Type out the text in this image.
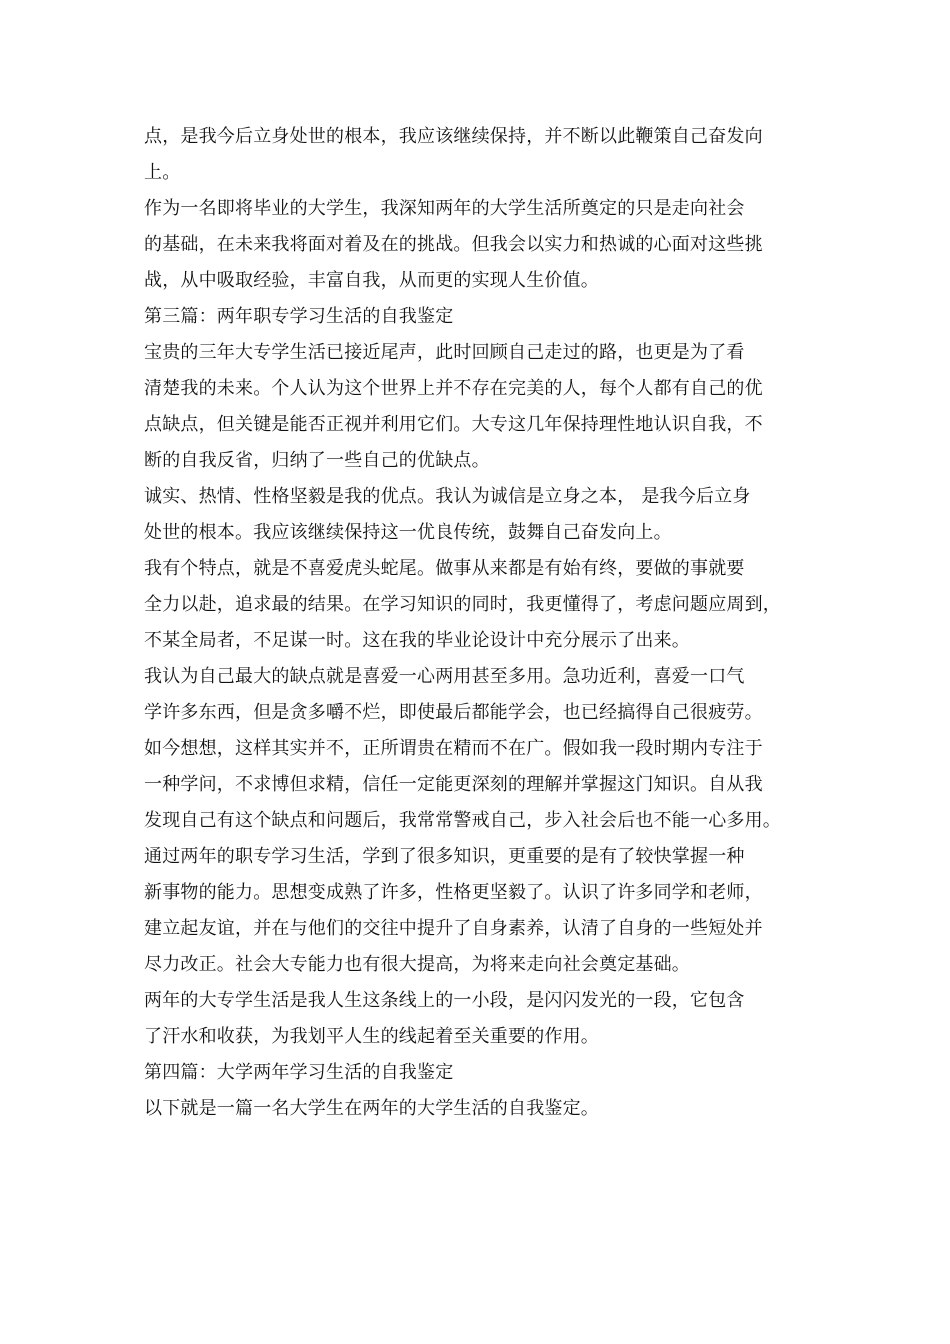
点，是我今后立身处世的根本，我应该继续保持，并不断以此鞭策自己奋发向
上。
作为一名即将毕业的大学生，我深知两年的大学生活所奠定的只是走向社会
的基础，在未来我将面对着及在的挑战。但我会以实力和热诚的心面对这些挑
战，从中吸取经验，丰富自我，从而更的实现人生价值。
第三篇：两年职专学习生活的自我鉴定
宝贵的三年大专学生活已接近尾声，此时回顾自己走过的路，也更是为了看
清楚我的未来。个人认为这个世界上并不存在完美的人，每个人都有自己的优
点缺点，但关键是能否正视并利用它们。大专这几年保持理性地认识自我，不
断的自我反省，归纳了一些自己的优缺点。
诚实、热情、性格坚毅是我的优点。我认为诚信是立身之本， 是我今后立身
处世的根本。我应该继续保持这一优良传统，鼓舞自己奋发向上。
我有个特点，就是不喜爱虎头蛇尾。做事从来都是有始有终，要做的事就要
全力以赴，追求最的结果。在学习知识的同时，我更懂得了，考虑问题应周到，
不某全局者，不足谋一时。这在我的毕业论设计中充分展示了出来。
我认为自己最大的缺点就是喜爱一心两用甚至多用。急功近利，喜爱一口气
学许多东西，但是贪多嚼不烂，即使最后都能学会，也已经搞得自己很疲劳。
如今想想，这样其实并不，正所谓贵在精而不在广。假如我一段时期内专注于
一种学问，不求博但求精，信任一定能更深刻的理解并掌握这门知识。自从我
发现自己有这个缺点和问题后，我常常警戒自己，步入社会后也不能一心多用。
通过两年的职专学习生活，学到了很多知识，更重要的是有了较快掌握一种
新事物的能力。思想变成熟了许多，性格更坚毅了。认识了许多同学和老师，
建立起友谊，并在与他们的交往中提升了自身素养，认清了自身的一些短处并
尽力改正。社会大专能力也有很大提高，为将来走向社会奠定基础。
两年的大专学生活是我人生这条线上的一小段，是闪闪发光的一段，它包含
了汗水和收获，为我划平人生的线起着至关重要的作用。
第四篇：大学两年学习生活的自我鉴定
以下就是一篇一名大学生在两年的大学生活的自我鉴定。
